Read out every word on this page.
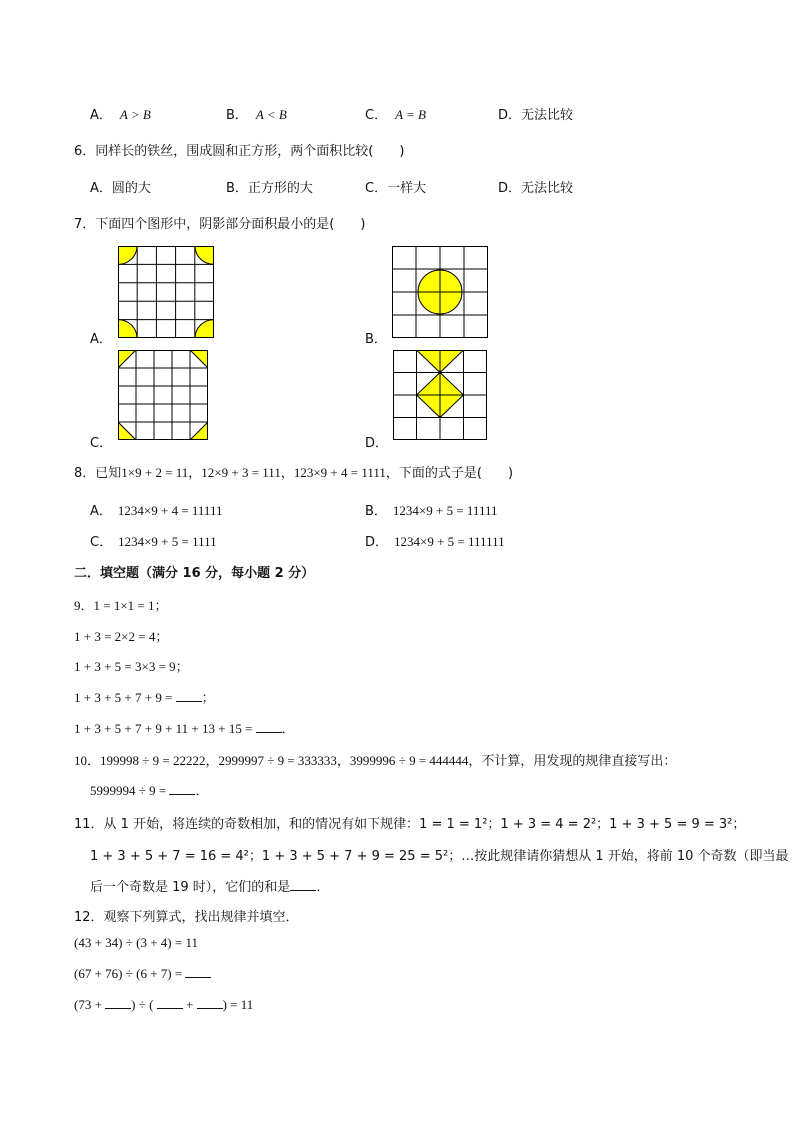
A． A > B	B． A < B	C． A = B	D．无法比较
6．同样长的铁丝，围成圆和正方形，两个面积比较(　　)
A．圆的大	B．正方形的大	C．一样大	D．无法比较
7．下面四个图形中，阴影部分面积最小的是(　　)
A．	B．
C．	D．
8．已知1×9 + 2 = 11，12×9 + 3 = 111，123×9 + 4 = 1111，下面的式子是(　　)
A． 1234×9 + 4 = 11111	B． 1234×9 + 5 = 11111
C． 1234×9 + 5 = 1111	D． 1234×9 + 5 = 111111
二．填空题（满分 16 分，每小题 2 分）
9．1 = 1×1 = 1；
1 + 3 = 2×2 = 4；
1 + 3 + 5 = 3×3 = 9；
1 + 3 + 5 + 7 + 9 = ；
1 + 3 + 5 + 7 + 9 + 11 + 13 + 15 = ．
10．199998 ÷ 9 = 22222，2999997 ÷ 9 = 333333，3999996 ÷ 9 = 444444，不计算，用发现的规律直接写出：
5999994 ÷ 9 = ．
11．从 1 开始，将连续的奇数相加，和的情况有如下规律：1 = 1 = 1²；1 + 3 = 4 = 2²；1 + 3 + 5 = 9 = 3²；
1 + 3 + 5 + 7 = 16 = 4²；1 + 3 + 5 + 7 + 9 = 25 = 5²；…按此规律请你猜想从 1 开始，将前 10 个奇数（即当最
后一个奇数是 19 时），它们的和是 ．
12．观察下列算式，找出规律并填空．
(43 + 34) ÷ (3 + 4) = 11
(67 + 76) ÷ (6 + 7) =
(73 + ) ÷ (	+ ) = 11
